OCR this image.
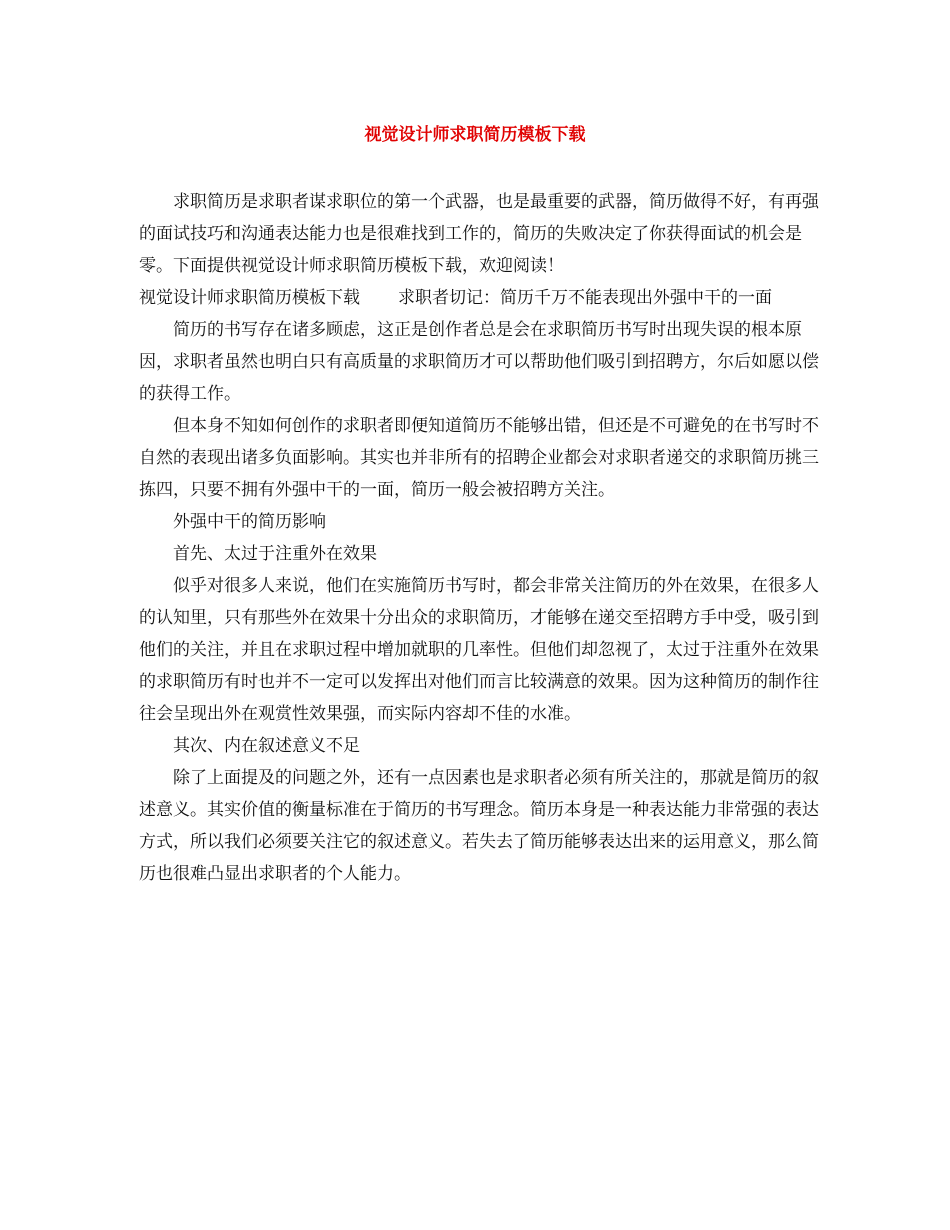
视觉设计师求职简历模板下载

求职简历是求职者谋求职位的第一个武器，也是最重要的武器，简历做得不好，有再强的面试技巧和沟通表达能力也是很难找到工作的，简历的失败决定了你获得面试的机会是零。下面提供视觉设计师求职简历模板下载，欢迎阅读！

视觉设计师求职简历模板下载 求职者切记：简历千万不能表现出外强中干的一面

简历的书写存在诸多顾虑，这正是创作者总是会在求职简历书写时出现失误的根本原因，求职者虽然也明白只有高质量的求职简历才可以帮助他们吸引到招聘方，尔后如愿以偿的获得工作。

但本身不知如何创作的求职者即便知道简历不能够出错，但还是不可避免的在书写时不自然的表现出诸多负面影响。其实也并非所有的招聘企业都会对求职者递交的求职简历挑三拣四，只要不拥有外强中干的一面，简历一般会被招聘方关注。

外强中干的简历影响

首先、太过于注重外在效果

似乎对很多人来说，他们在实施简历书写时，都会非常关注简历的外在效果，在很多人的认知里，只有那些外在效果十分出众的求职简历，才能够在递交至招聘方手中受，吸引到他们的关注，并且在求职过程中增加就职的几率性。但他们却忽视了，太过于注重外在效果的求职简历有时也并不一定可以发挥出对他们而言比较满意的效果。因为这种简历的制作往往会呈现出外在观赏性效果强，而实际内容却不佳的水准。

其次、内在叙述意义不足

除了上面提及的问题之外，还有一点因素也是求职者必须有所关注的，那就是简历的叙述意义。其实价值的衡量标准在于简历的书写理念。简历本身是一种表达能力非常强的表达方式，所以我们必须要关注它的叙述意义。若失去了简历能够表达出来的运用意义，那么简历也很难凸显出求职者的个人能力。
